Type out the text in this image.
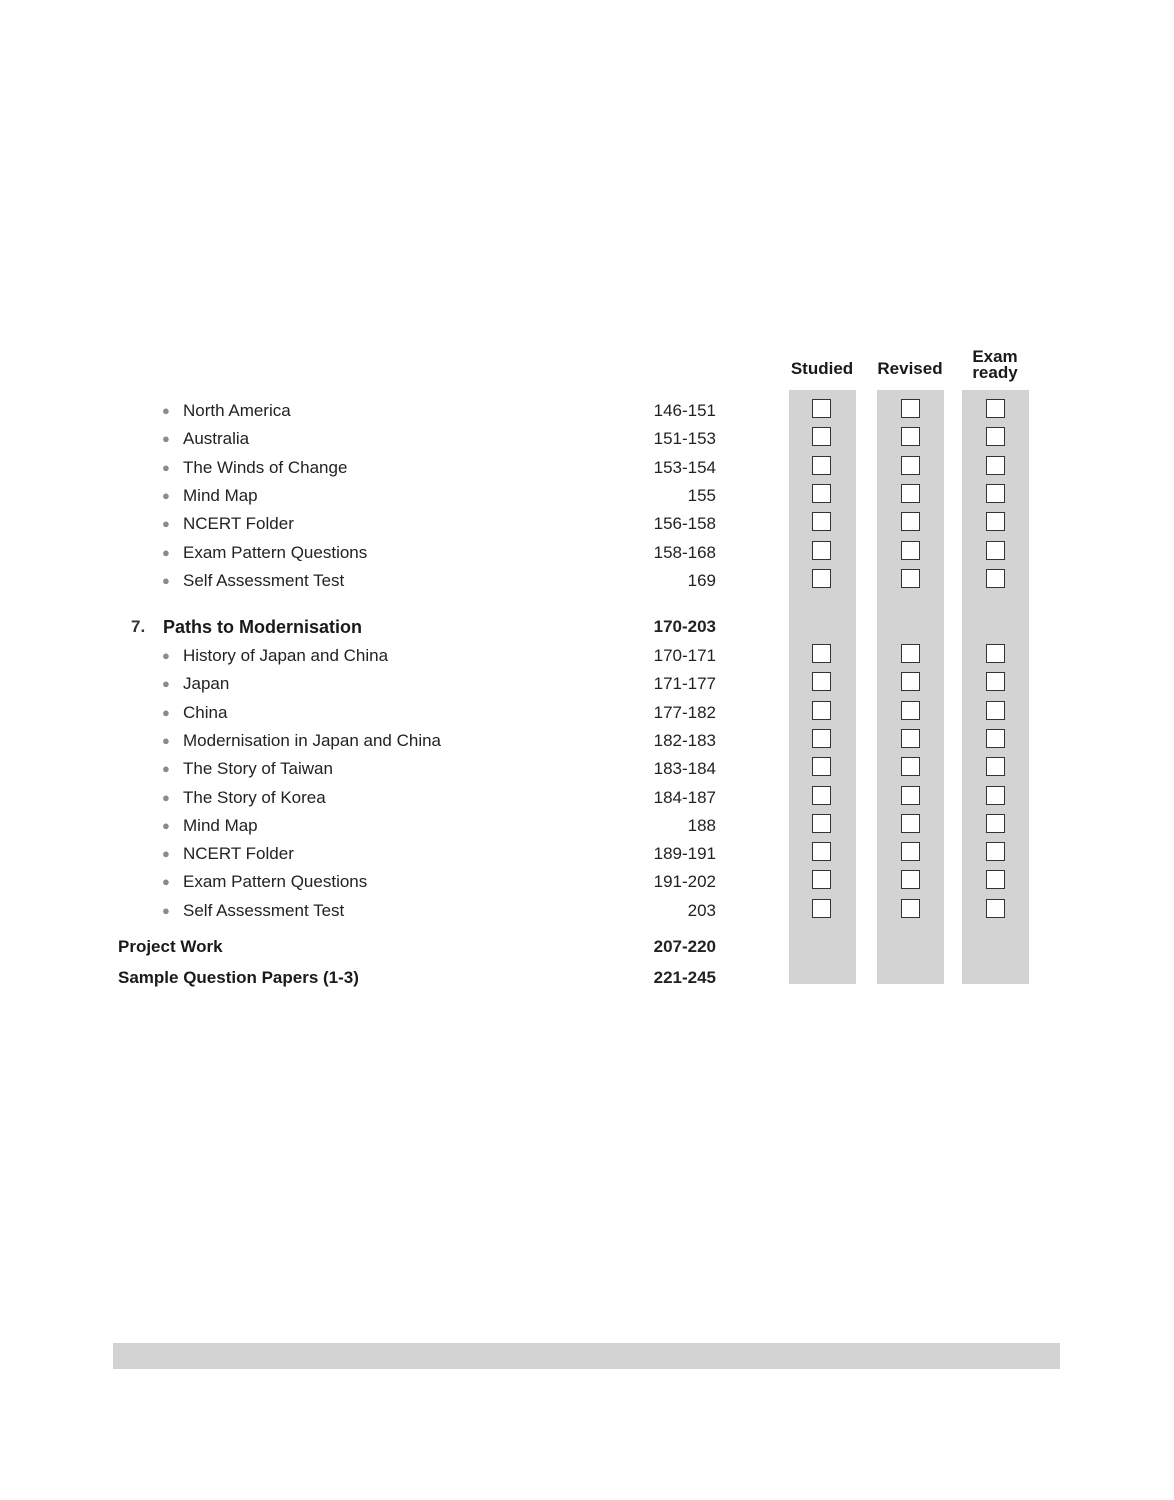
Studied	Revised
Exam
ready
● North America	146-151
● Australia	151-153
● The Winds of Change	153-154
● Mind Map	155
● NCERT Folder	156-158
● Exam Pattern Questions	158-168
● Self Assessment Test	169
7. Paths to Modernisation	170-203
● History of Japan and China	170-171
● Japan	171-177
● China	177-182
● Modernisation in Japan and China	182-183
● The Story of Taiwan	183-184
● The Story of Korea	184-187
● Mind Map	188
● NCERT Folder	189-191
● Exam Pattern Questions	191-202
● Self Assessment Test	203
Project Work	207-220
Sample Question Papers (1-3)	221-245
